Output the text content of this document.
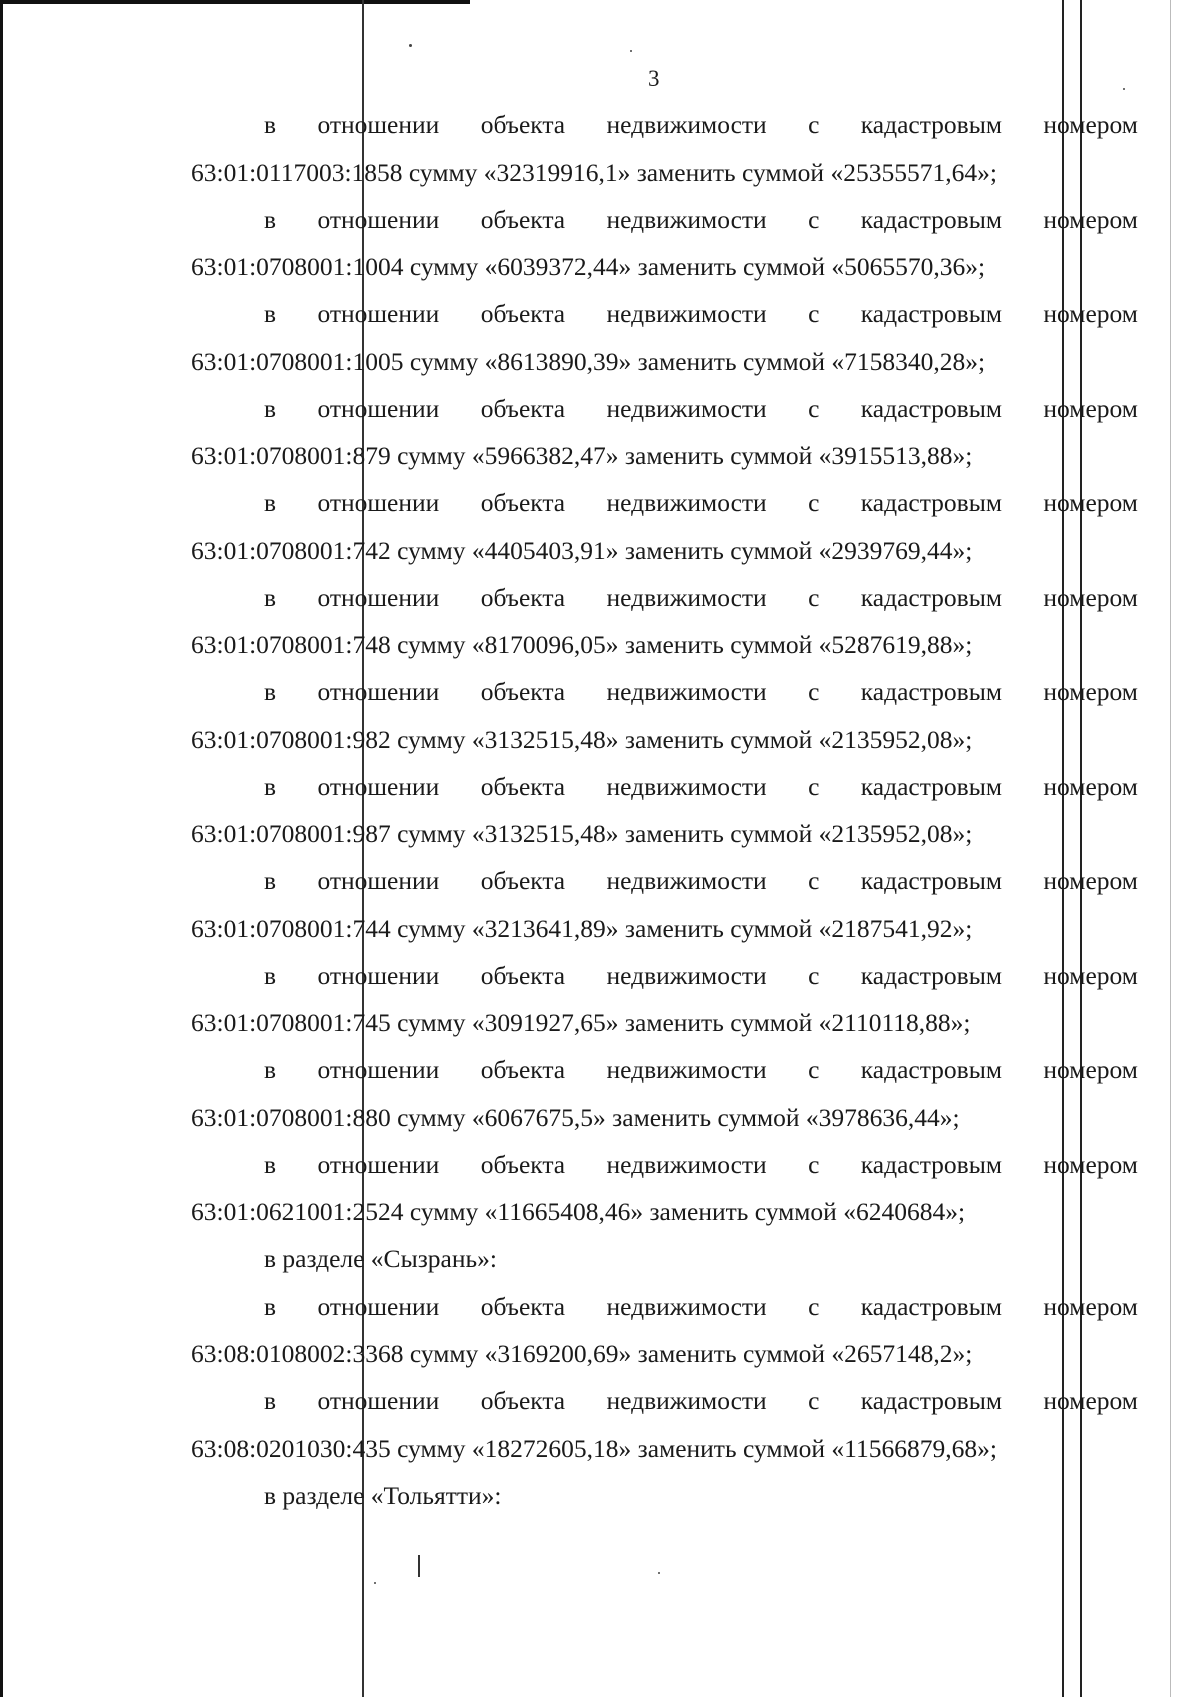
3
в отношении объекта недвижимости с кадастровым номером
63:01:0117003:1858 сумму «32319916,1» заменить суммой «25355571,64»;
в отношении объекта недвижимости с кадастровым номером
63:01:0708001:1004 сумму «6039372,44» заменить суммой «5065570,36»;
в отношении объекта недвижимости с кадастровым номером
63:01:0708001:1005 сумму «8613890,39» заменить суммой «7158340,28»;
в отношении объекта недвижимости с кадастровым номером
63:01:0708001:879 сумму «5966382,47» заменить суммой «3915513,88»;
в отношении объекта недвижимости с кадастровым номером
63:01:0708001:742 сумму «4405403,91» заменить суммой «2939769,44»;
в отношении объекта недвижимости с кадастровым номером
63:01:0708001:748 сумму «8170096,05» заменить суммой «5287619,88»;
в отношении объекта недвижимости с кадастровым номером
63:01:0708001:982 сумму «3132515,48» заменить суммой «2135952,08»;
в отношении объекта недвижимости с кадастровым номером
63:01:0708001:987 сумму «3132515,48» заменить суммой «2135952,08»;
в отношении объекта недвижимости с кадастровым номером
63:01:0708001:744 сумму «3213641,89» заменить суммой «2187541,92»;
в отношении объекта недвижимости с кадастровым номером
63:01:0708001:745 сумму «3091927,65» заменить суммой «2110118,88»;
в отношении объекта недвижимости с кадастровым номером
63:01:0708001:880 сумму «6067675,5» заменить суммой «3978636,44»;
в отношении объекта недвижимости с кадастровым номером
63:01:0621001:2524 сумму «11665408,46» заменить суммой «6240684»;
в разделе «Сызрань»:
в отношении объекта недвижимости с кадастровым номером
63:08:0108002:3368 сумму «3169200,69» заменить суммой «2657148,2»;
в отношении объекта недвижимости с кадастровым номером
63:08:0201030:435 сумму «18272605,18» заменить суммой «11566879,68»;
в разделе «Тольятти»:
